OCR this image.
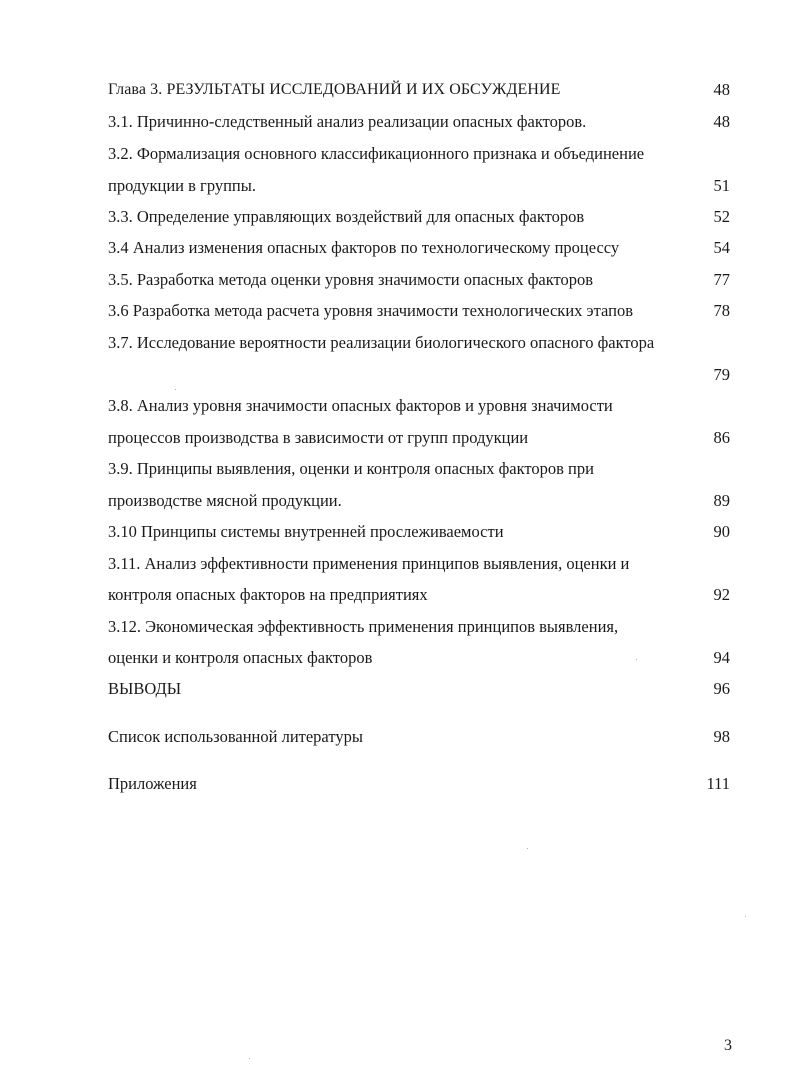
Глава 3. РЕЗУЛЬТАТЫ ИССЛЕДОВАНИЙ И ИХ ОБСУЖДЕНИЕ	48
3.1. Причинно-следственный анализ реализации опасных факторов.	48
3.2. Формализация основного классификационного признака и объединение
продукции в группы.	51
3.3. Определение управляющих воздействий для опасных факторов	52
3.4 Анализ изменения опасных факторов по технологическому процессу	54
3.5. Разработка метода оценки уровня значимости опасных факторов	77
3.6 Разработка метода расчета уровня значимости технологических этапов	78
3.7. Исследование вероятности реализации биологического опасного фактора
79
3.8. Анализ уровня значимости опасных факторов и уровня значимости
процессов производства в зависимости от групп продукции	86
3.9. Принципы выявления, оценки и контроля опасных факторов при
производстве мясной продукции.	89
3.10 Принципы системы внутренней прослеживаемости	90
3.11. Анализ эффективности применения принципов выявления, оценки и
контроля опасных факторов на предприятиях	92
3.12. Экономическая эффективность применения принципов выявления,
оценки и контроля опасных факторов	94
ВЫВОДЫ	96
Список использованной литературы	98
Приложения	111
3
